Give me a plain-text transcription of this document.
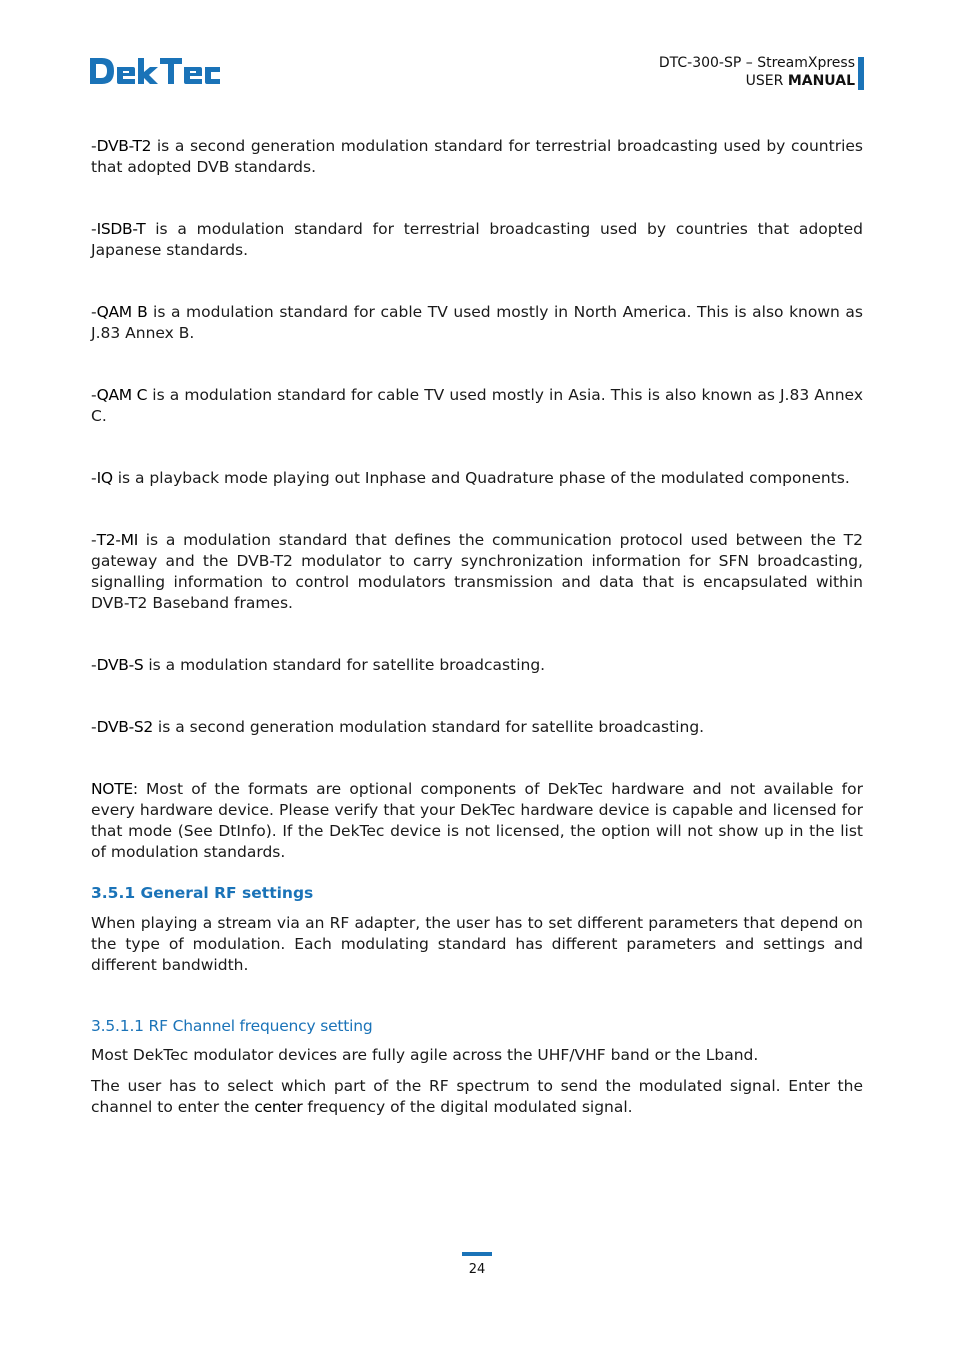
DTC-300-SP – StreamXpress
USER MANUAL

-DVB-T2 is a second generation modulation standard for terrestrial broadcasting used by countries that adopted DVB standards.

-ISDB-T is a modulation standard for terrestrial broadcasting used by countries that adopted Japanese standards.

-QAM B is a modulation standard for cable TV used mostly in North America. This is also known as J.83 Annex B.

-QAM C is a modulation standard for cable TV used mostly in Asia. This is also known as J.83 Annex C.

-IQ is a playback mode playing out Inphase and Quadrature phase of the modulated components.

-T2-MI is a modulation standard that defines the communication protocol used between the T2 gateway and the DVB-T2 modulator to carry synchronization information for SFN broadcasting, signalling information to control modulators transmission and data that is encapsulated within DVB-T2 Baseband frames.

-DVB-S is a modulation standard for satellite broadcasting.

-DVB-S2 is a second generation modulation standard for satellite broadcasting.

NOTE: Most of the formats are optional components of DekTec hardware and not available for every hardware device. Please verify that your DekTec hardware device is capable and licensed for that mode (See DtInfo). If the DekTec device is not licensed, the option will not show up in the list of modulation standards.

3.5.1 General RF settings

When playing a stream via an RF adapter, the user has to set different parameters that depend on the type of modulation. Each modulating standard has different parameters and settings and different bandwidth.

3.5.1.1 RF Channel frequency setting

Most DekTec modulator devices are fully agile across the UHF/VHF band or the Lband.

The user has to select which part of the RF spectrum to send the modulated signal. Enter the channel to enter the center frequency of the digital modulated signal.

24
